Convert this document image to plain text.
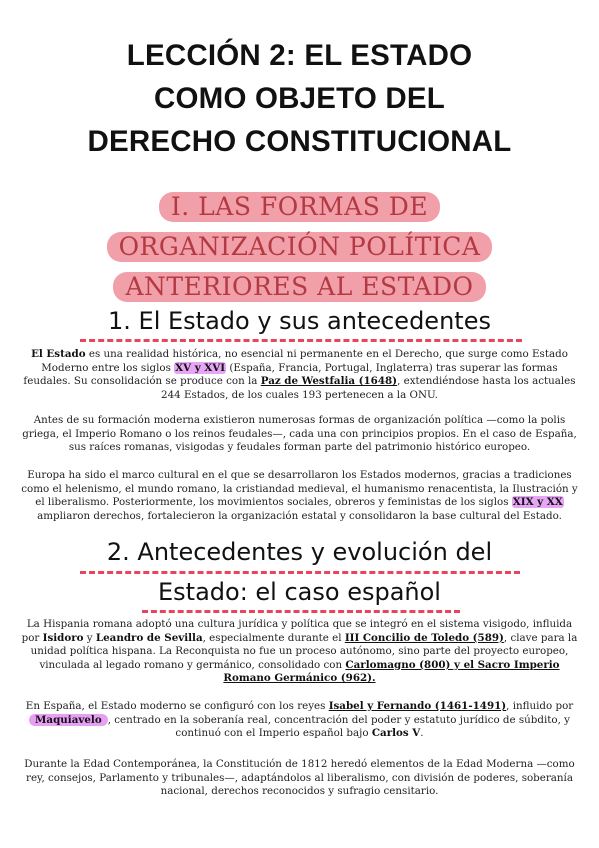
LECCIÓN 2: EL ESTADO
COMO OBJETO DEL
DERECHO CONSTITUCIONAL
I. LAS FORMAS DE
ORGANIZACIÓN POLÍTICA
ANTERIORES AL ESTADO
1. El Estado y sus antecedentes
El Estado es una realidad histórica, no esencial ni permanente en el Derecho, que surge como Estado Moderno entre los siglos XV y XVI (España, Francia, Portugal, Inglaterra) tras superar las formas feudales. Su consolidación se produce con la Paz de Westfalia (1648), extendiéndose hasta los actuales 244 Estados, de los cuales 193 pertenecen a la ONU.
Antes de su formación moderna existieron numerosas formas de organización política —como la polis griega, el Imperio Romano o los reinos feudales—, cada una con principios propios. En el caso de España, sus raíces romanas, visigodas y feudales forman parte del patrimonio histórico europeo.
Europa ha sido el marco cultural en el que se desarrollaron los Estados modernos, gracias a tradiciones como el helenismo, el mundo romano, la cristiandad medieval, el humanismo renacentista, la Ilustración y el liberalismo. Posteriormente, los movimientos sociales, obreros y feministas de los siglos XIX y XX ampliaron derechos, fortalecieron la organización estatal y consolidaron la base cultural del Estado.
2. Antecedentes y evolución del
Estado: el caso español
La Hispania romana adoptó una cultura jurídica y política que se integró en el sistema visigodo, influida por Isidoro y Leandro de Sevilla, especialmente durante el III Concilio de Toledo (589), clave para la unidad política hispana. La Reconquista no fue un proceso autónomo, sino parte del proyecto europeo, vinculada al legado romano y germánico, consolidado con Carlomagno (800) y el Sacro Imperio Romano Germánico (962).
En España, el Estado moderno se configuró con los reyes Isabel y Fernando (1461-1491), influido por Maquiavelo , centrado en la soberanía real, concentración del poder y estatuto jurídico de súbdito, y continuó con el Imperio español bajo Carlos V.
Durante la Edad Contemporánea, la Constitución de 1812 heredó elementos de la Edad Moderna —como rey, consejos, Parlamento y tribunales—, adaptándolos al liberalismo, con división de poderes, soberanía nacional, derechos reconocidos y sufragio censitario.
